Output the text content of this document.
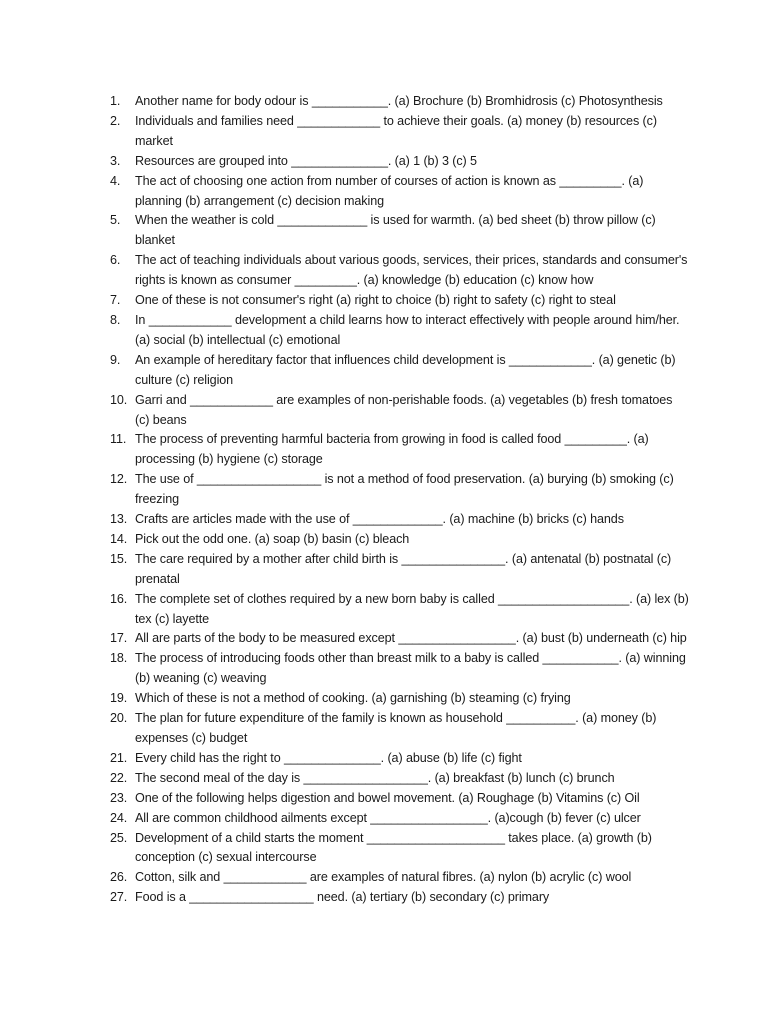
1. Another name for body odour is ___________. (a) Brochure (b) Bromhidrosis (c) Photosynthesis
2. Individuals and families need ____________ to achieve their goals. (a) money (b) resources (c) market
3. Resources are grouped into ______________. (a) 1 (b) 3 (c) 5
4. The act of choosing one action from number of courses of action is known as _________. (a) planning (b) arrangement (c) decision making
5. When the weather is cold _____________ is used for warmth. (a) bed sheet (b) throw pillow (c) blanket
6. The act of teaching individuals about various goods, services, their prices, standards and consumer's rights is known as consumer _________. (a) knowledge (b) education (c) know how
7. One of these is not consumer's right (a) right to choice (b) right to safety (c) right to steal
8. In ____________ development a child learns how to interact effectively with people around him/her. (a) social (b) intellectual (c) emotional
9. An example of hereditary factor that influences child development is ____________. (a) genetic (b) culture (c) religion
10. Garri and ____________ are examples of non-perishable foods. (a) vegetables (b) fresh tomatoes (c) beans
11. The process of preventing harmful bacteria from growing in food is called food _________. (a) processing (b) hygiene (c) storage
12. The use of __________________ is not a method of food preservation. (a) burying (b) smoking (c) freezing
13. Crafts are articles made with the use of _____________. (a) machine (b) bricks (c) hands
14. Pick out the odd one. (a) soap (b) basin (c) bleach
15. The care required by a mother after child birth is _______________. (a) antenatal (b) postnatal (c) prenatal
16. The complete set of clothes required by a new born baby is called ___________________. (a) lex (b) tex (c) layette
17. All are parts of the body to be measured except _________________. (a) bust (b) underneath (c) hip
18. The process of introducing foods other than breast milk to a baby is called ___________. (a) winning (b) weaning (c) weaving
19. Which of these is not a method of cooking. (a) garnishing (b) steaming (c) frying
20. The plan for future expenditure of the family is known as household __________. (a) money (b) expenses (c) budget
21. Every child has the right to ______________. (a) abuse (b) life (c) fight
22. The second meal of the day is __________________. (a) breakfast (b) lunch (c) brunch
23. One of the following helps digestion and bowel movement. (a) Roughage (b) Vitamins (c) Oil
24. All are common childhood ailments except _________________. (a)cough (b) fever (c) ulcer
25. Development of a child starts the moment ____________________ takes place. (a) growth (b) conception (c) sexual intercourse
26. Cotton, silk and ____________ are examples of natural fibres. (a) nylon (b) acrylic (c) wool
27. Food is a __________________ need. (a) tertiary (b) secondary (c) primary
